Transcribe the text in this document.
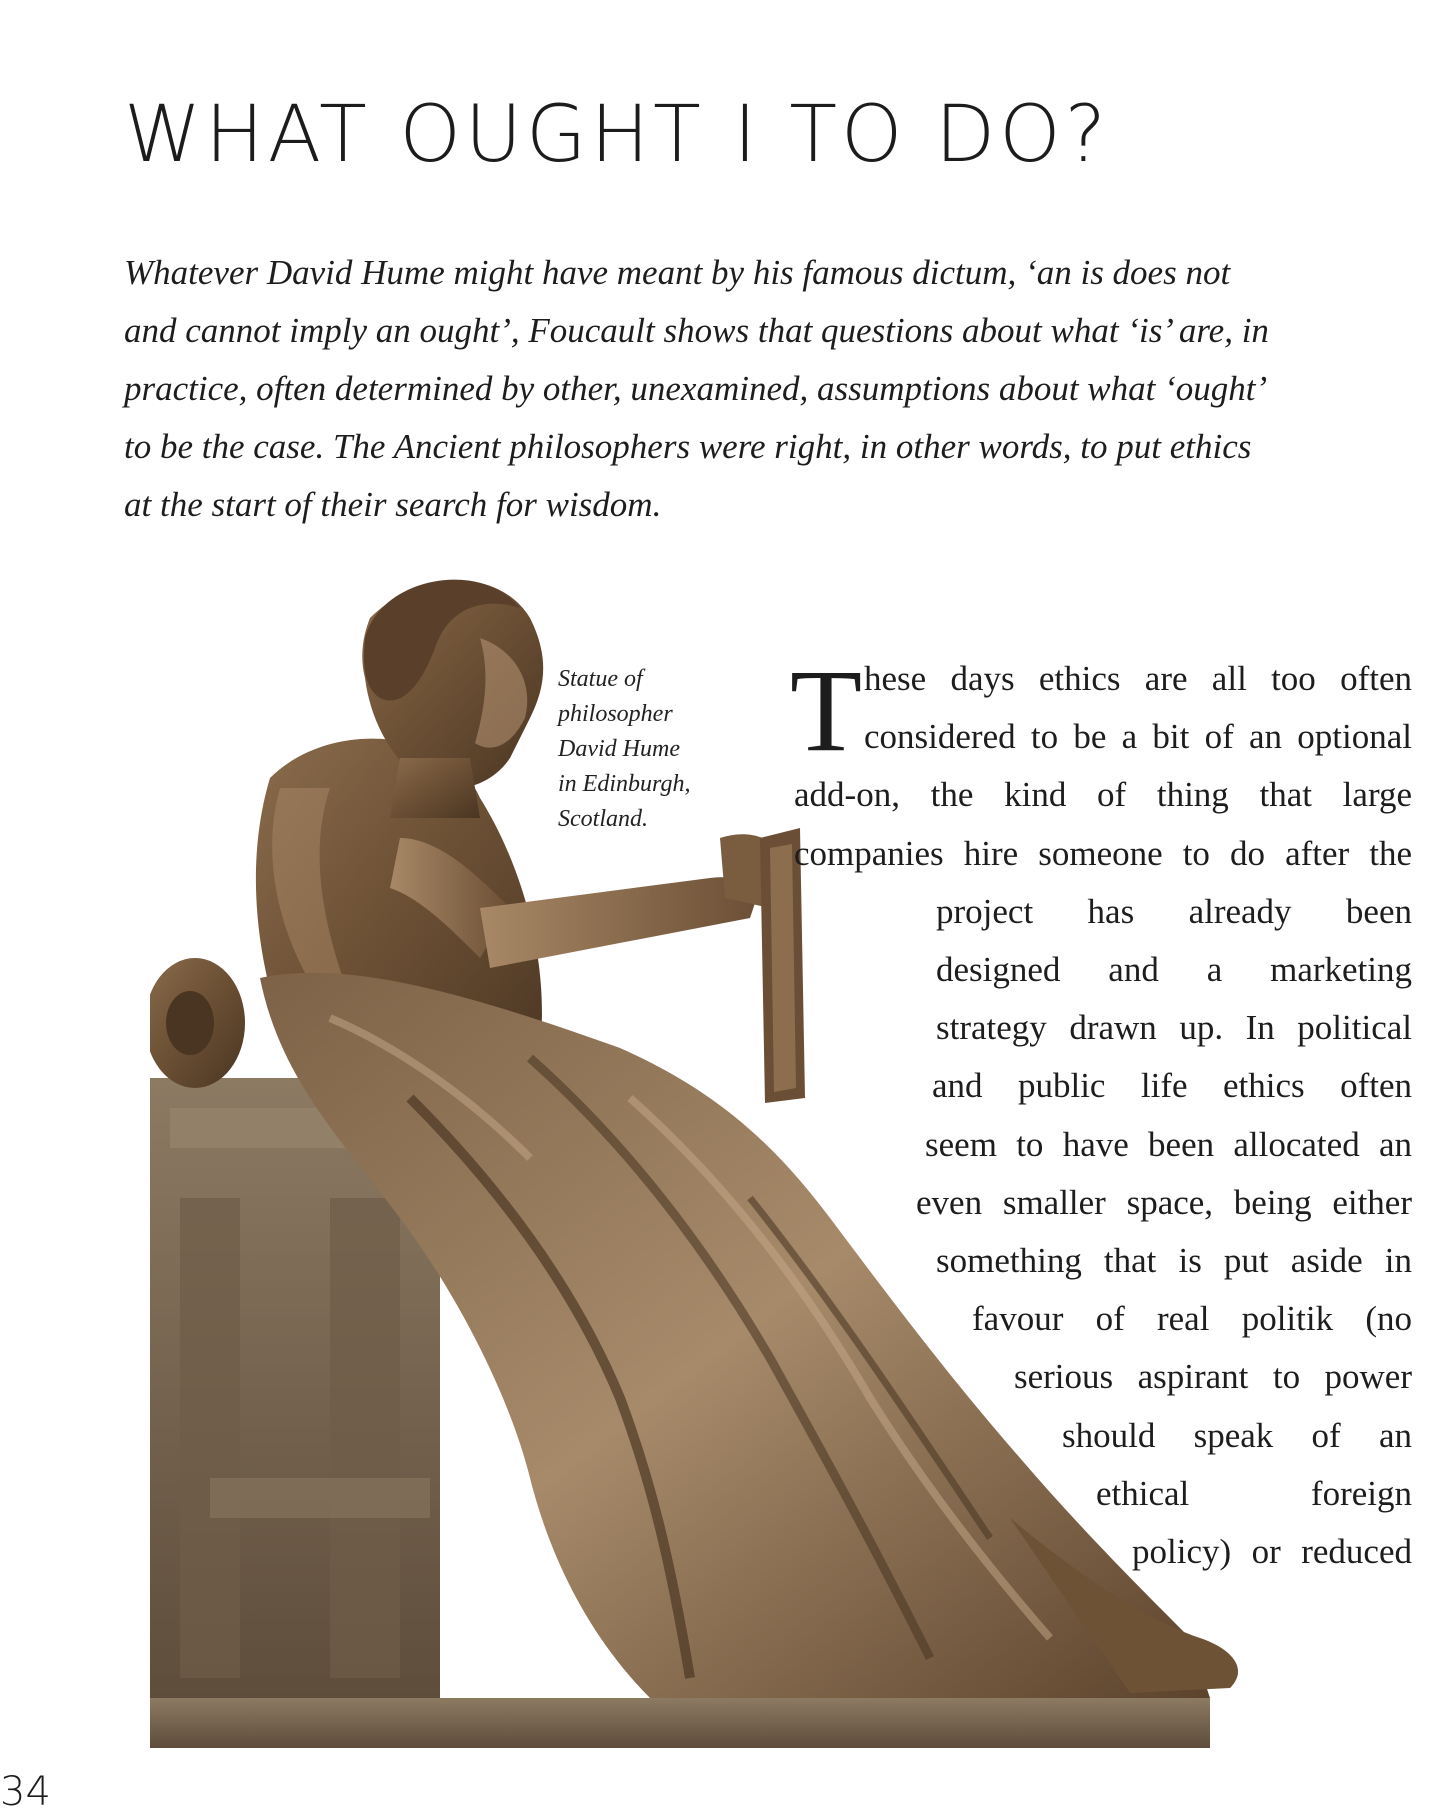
WHAT OUGHT I TO DO?

Whatever David Hume might have meant by his famous dictum, ‘an is does not and cannot imply an ought’, Foucault shows that questions about what ‘is’ are, in practice, often determined by other, unexamined, assumptions about what ‘ought’ to be the case. The Ancient philosophers were right, in other words, to put ethics at the start of their search for wisdom.

Statue of
philosopher
David Hume
in Edinburgh,
Scotland.

T hese days ethics are all too often
considered to be a bit of an optional
add-on, the kind of thing that large
companies hire someone to do after the
project has already been
designed and a marketing
strategy drawn up. In political
and public life ethics often
seem to have been allocated an
even smaller space, being either
something that is put aside in
favour of real politik (no
serious aspirant to power
should speak of an
ethical foreign
policy) or reduced
34
